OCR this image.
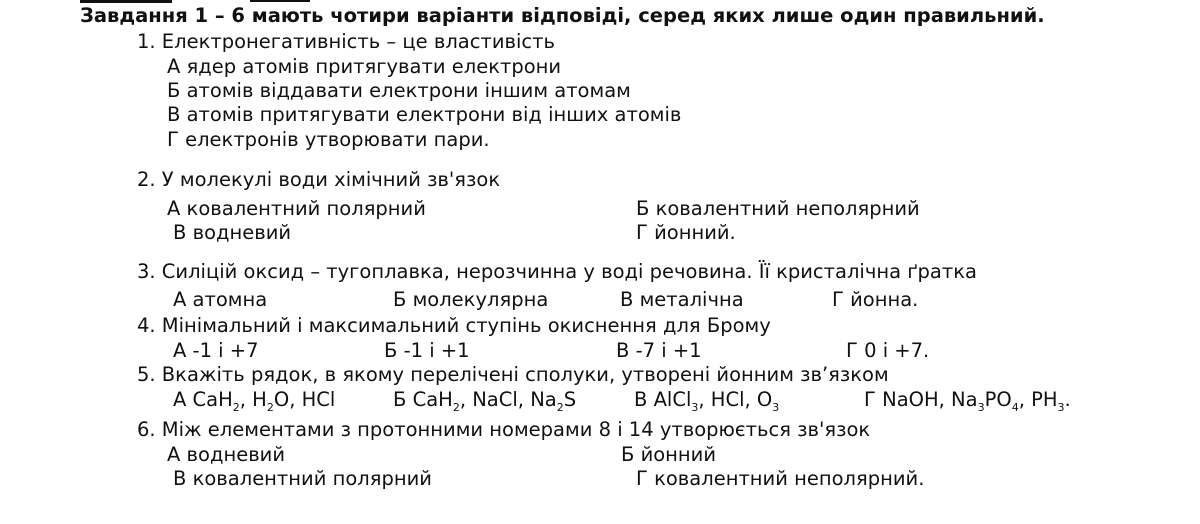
Завдання 1 – 6 мають чотири варіанти відповіді, серед яких лише один правильний.
1. Електронегативність – це властивість
А ядер атомів притягувати електрони
Б атомів віддавати електрони іншим атомам
В атомів притягувати електрони від інших атомів
Г електронів утворювати пари.
2. У молекулі води хімічний зв'язок
А ковалентний полярний	Б ковалентний неполярний
В водневий	Г йонний.
3. Силіцій оксид – тугоплавка, нерозчинна у воді речовина. Її кристалічна ґратка
А атомна	Б молекулярна	В металічна	Г йонна.
4. Мінімальний і максимальний ступінь окиснення для Брому
А -1 і +7	Б -1 і +1	В -7 і +1	Г 0 і +7.
5. Вкажіть рядок, в якому перелічені сполуки, утворені йонним зв’язком
А CaH$_2$, $H_2O$, HCl	Б CaH$_2$, NaCl, $Na_2S$	В AlCl$_3$, HCl, $O_3$	Г NaOH, $Na_3PO_4$, $PH_3$.
6. Між елементами з протонними номерами 8 і 14 утворюється зв'язок
А водневий	Б йонний
В ковалентний полярний	Г ковалентний неполярний.
